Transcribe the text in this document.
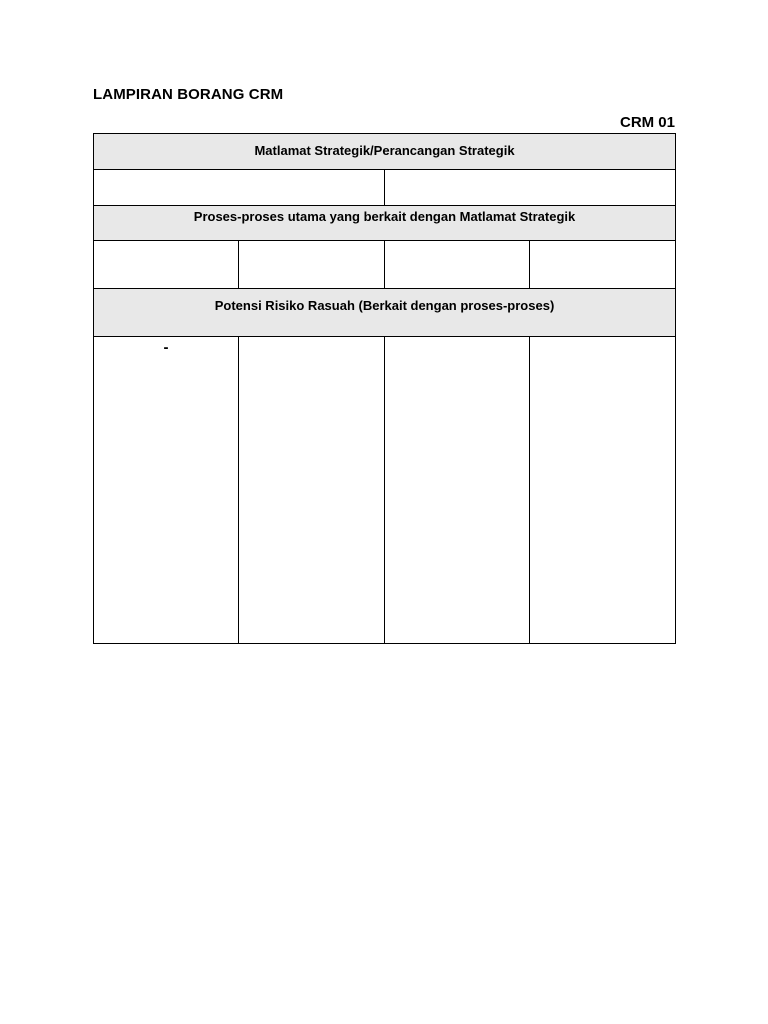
LAMPIRAN BORANG CRM
CRM 01
Matlamat Strategik/Perancangan Strategik			

Proses-proses utama yang berkait dengan Matlamat Strategik			

Potensi Risiko Rasuah (Berkait dengan proses-proses)			

-			
